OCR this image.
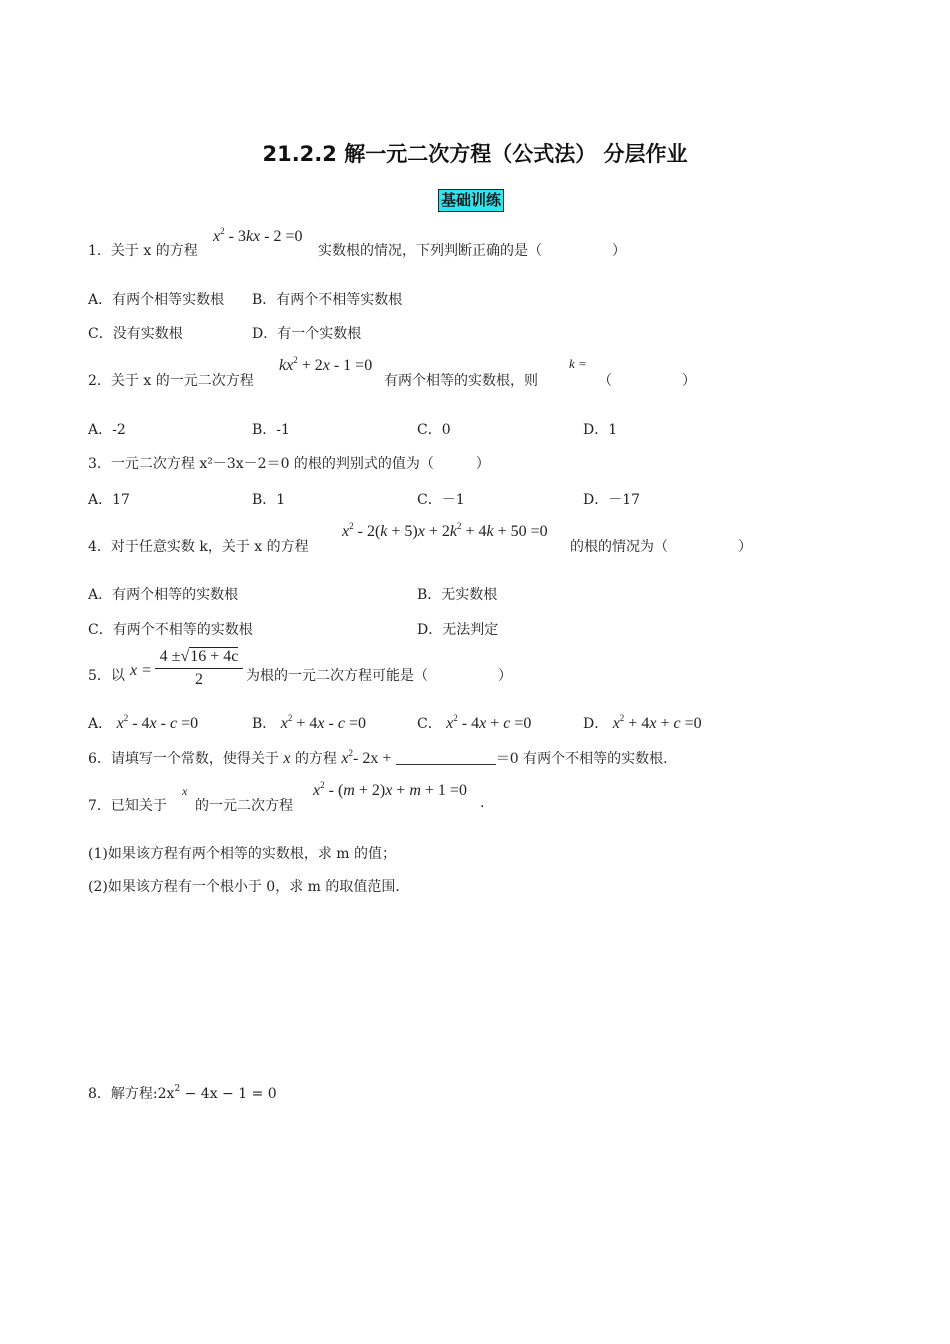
21.2.2 解一元二次方程（公式法） 分层作业
基础训练
1．关于 x 的方程
$x^2 - 3kx - 2 =0$
实数根的情况，下列判断正确的是（　　　　　）
A．有两个相等实数根 B．有两个不相等实数根
C．没有实数根	D．有一个实数根
2．关于 x 的一元二次方程
$kx^2 + 2x - 1 =0$
有两个相等的实数根，则
k =
（　　　　　）
A．-2	B．-1	C．0	D．1
3．一元二次方程 x²－3x－2＝0 的根的判别式的值为（　　　）
A．17	B．1	C．－1	D．－17
4．对于任意实数 k，关于 x 的方程
$x^2 - 2(k + 5)x + 2k^2 + 4k + 50 =0$
的根的情况为（　　　　　）
A．有两个相等的实数根	B．无实数根
C．有两个不相等的实数根	D．无法判定
5．以 $x = \frac{4 \pm√16 + 4c}{2}$ 为根的一元二次方程可能是（　　　　　）
A． $x^2 - 4x - c =0$	B． $x^2 + 4x - c =0$	C． $x^2 - 4x + c =0$	D． $x^2 + 4x + c =0$
6．请填写一个常数，使得关于 x 的方程 $x^2-$ 2x +	＝0 有两个不相等的实数根．
7．已知关于
x
的一元二次方程
$x^2 - (m + 2)x + m + 1 =0$
.
(1)如果该方程有两个相等的实数根，求 m 的值；
(2)如果该方程有一个根小于 0，求 m 的取值范围．
8．解方程$:2x^2 - 4x - 1 = 0$
